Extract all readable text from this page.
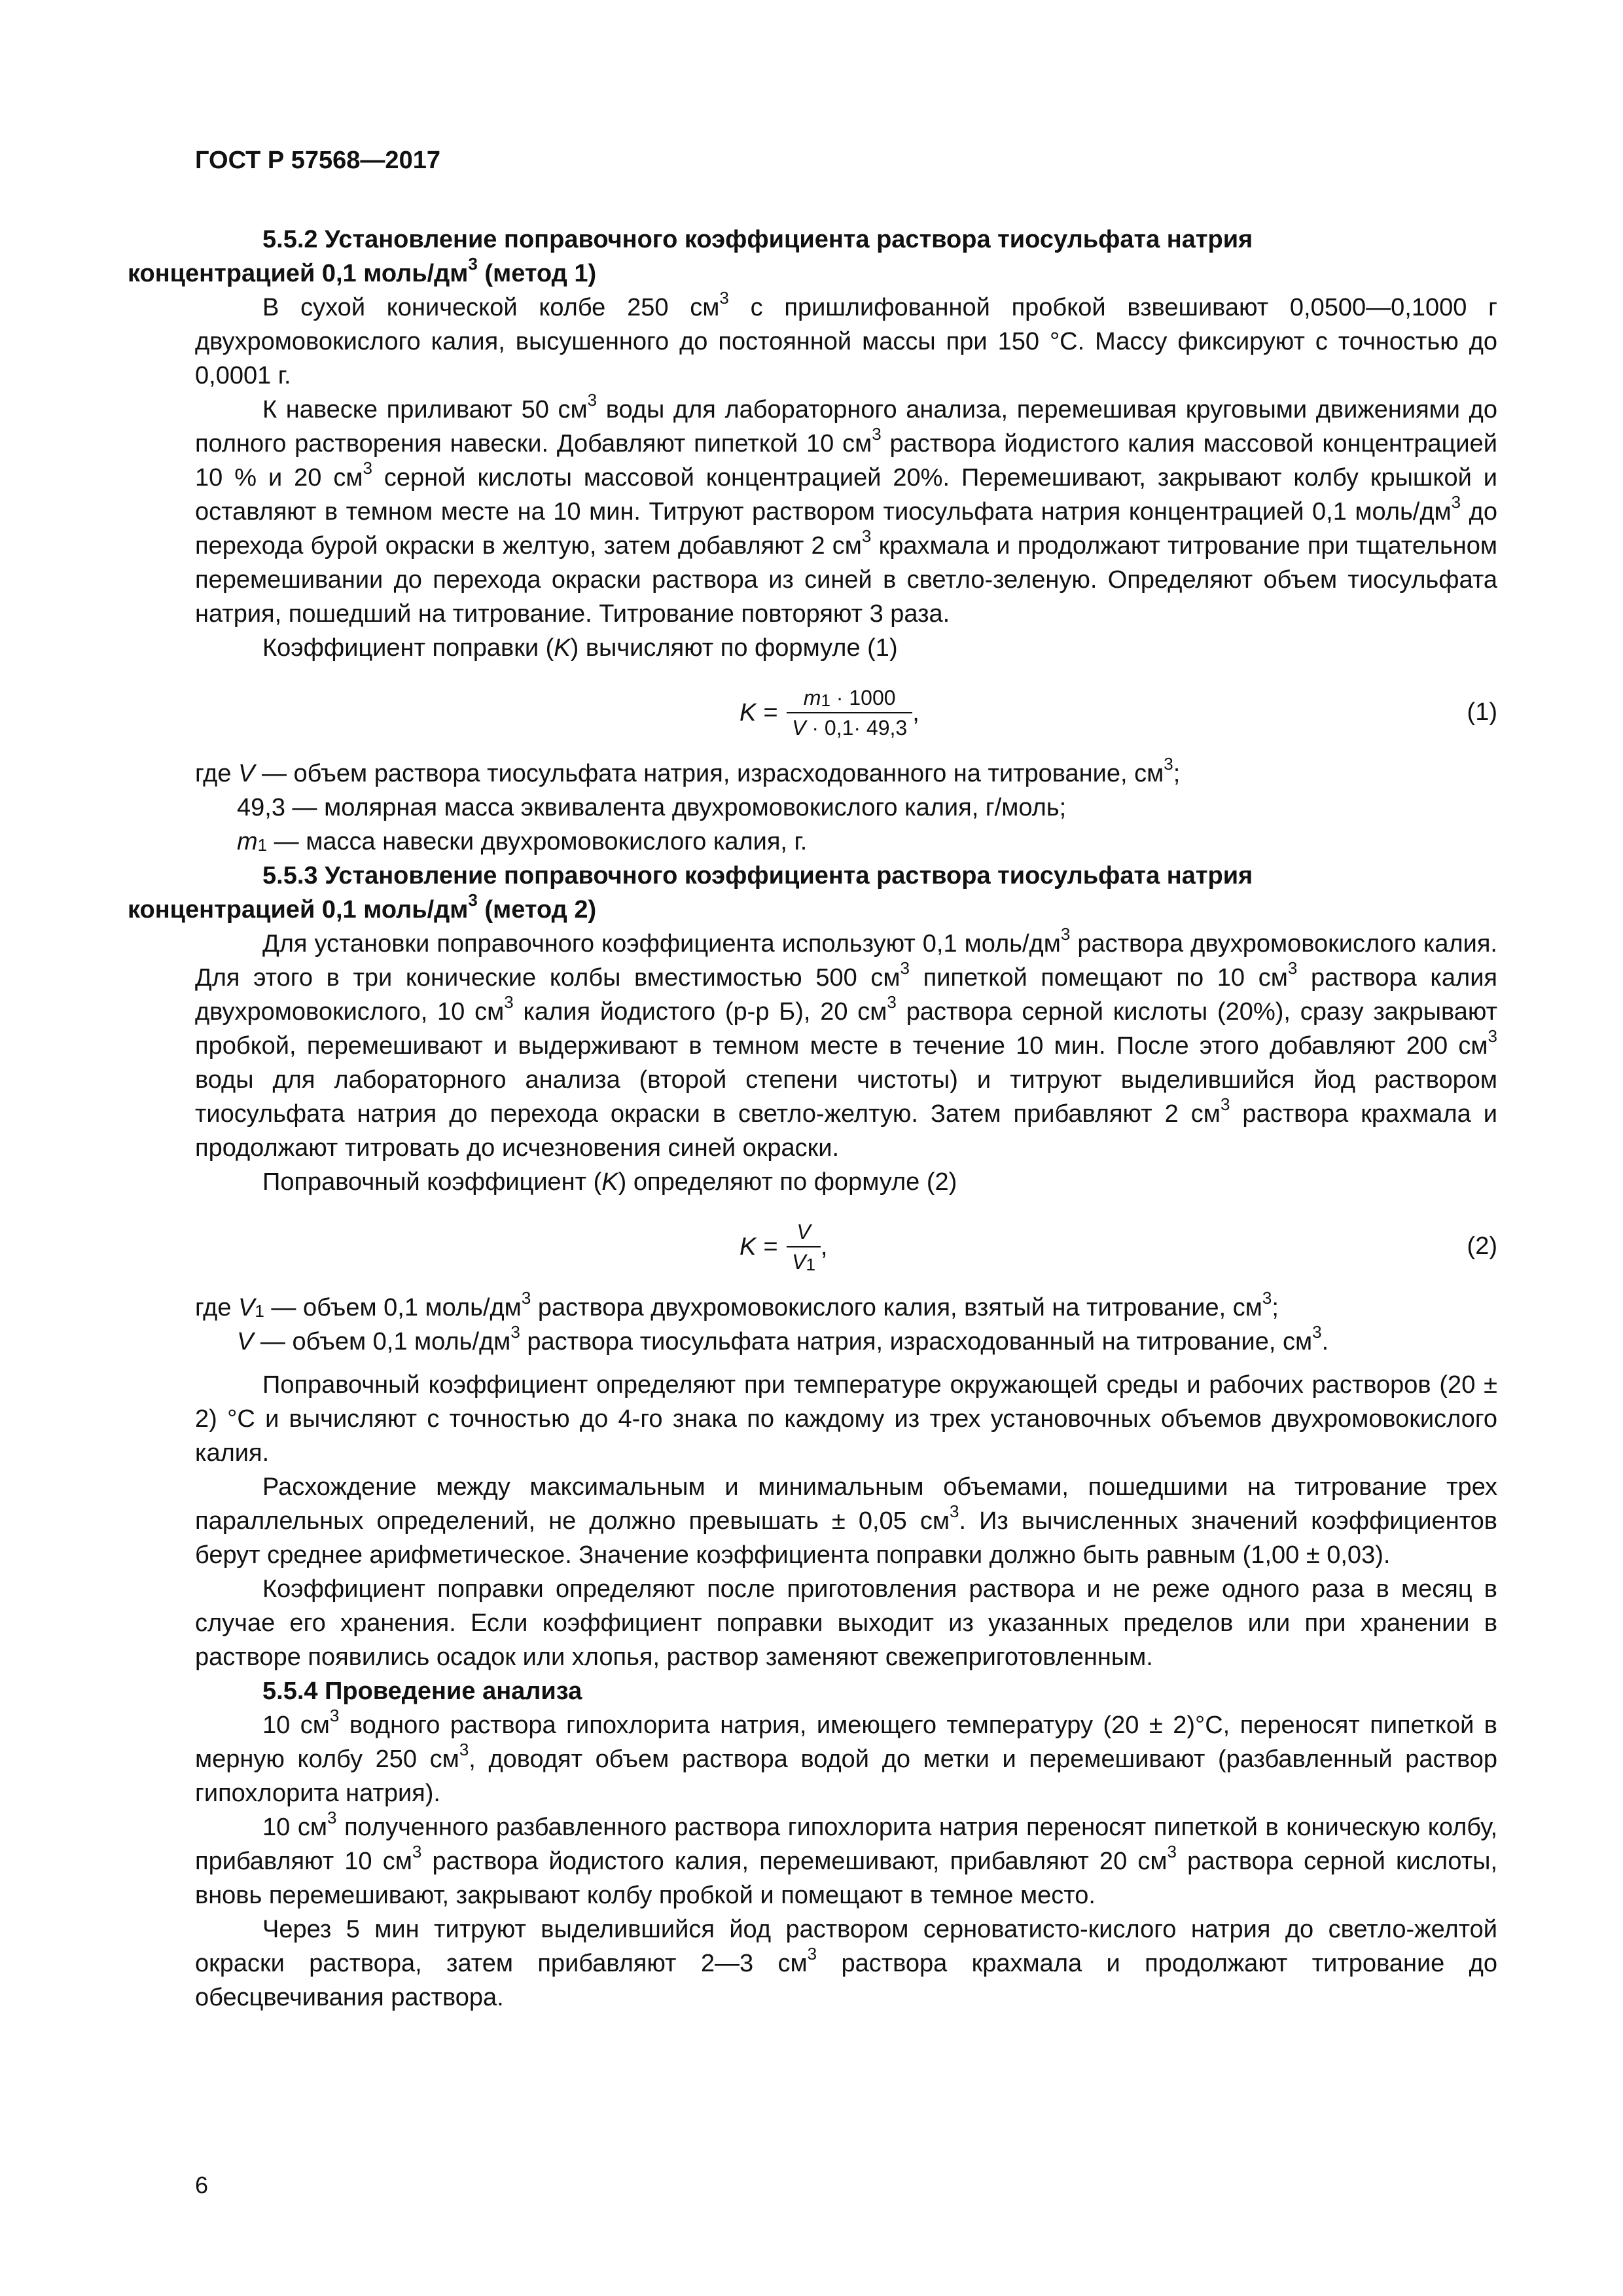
ГОСТ Р 57568—2017

5.5.2 Установление поправочного коэффициента раствора тиосульфата натрия
концентрацией 0,1 моль/$дм^3$ (метод 1)

В сухой конической колбе 250 $см^3$ с пришлифованной пробкой взвешивают 0,0500—0,1000 г двухромовокислого калия, высушенного до постоянной массы при 150 °С. Массу фиксируют с точностью до 0,0001 г.

К навеске приливают 50 $см^3$ воды для лабораторного анализа, перемешивая круговыми движениями до полного растворения навески. Добавляют пипеткой 10 $см^3$ раствора йодистого калия массовой концентрацией 10 % и 20 $см^3$ серной кислоты массовой концентрацией 20%. Перемешивают, закрывают колбу крышкой и оставляют в темном месте на 10 мин. Титруют раствором тиосульфата натрия концентрацией 0,1 моль/$дм^3$ до перехода бурой окраски в желтую, затем добавляют 2 $см^3$ крахмала и продолжают титрование при тщательном перемешивании до перехода окраски раствора из синей в светло-зеленую. Определяют объем тиосульфата натрия, пошедший на титрование. Титрование повторяют 3 раза.

Коэффициент поправки (K) вычисляют по формуле (1)

$K = \frac{m_1 \cdot 1000}{V \cdot 0,1\cdot 49,3}$ ,	(1)

где V — объем раствора тиосульфата натрия, израсходованного на титрование, $см^3$;

49,3 — молярная масса эквивалента двухромовокислого калия, г/моль;

$m_1$ — масса навески двухромовокислого калия, г.

5.5.3 Установление поправочного коэффициента раствора тиосульфата натрия
концентрацией 0,1 моль/$дм^3$ (метод 2)

Для установки поправочного коэффициента используют 0,1 моль/$дм^3$ раствора двухромовокислого калия. Для этого в три конические колбы вместимостью 500 $см^3$ пипеткой помещают по 10 $см^3$ раствора калия двухромовокислого, 10 $см^3$ калия йодистого (р-р Б), 20 $см^3$ раствора серной кислоты (20%), сразу закрывают пробкой, перемешивают и выдерживают в темном месте в течение 10 мин. После этого добавляют 200 $см^3$ воды для лабораторного анализа (второй степени чистоты) и титруют выделившийся йод раствором тиосульфата натрия до перехода окраски в светло-желтую. Затем прибавляют 2 $см^3$ раствора крахмала и продолжают титровать до исчезновения синей окраски.

Поправочный коэффициент (K) определяют по формуле (2)

$K = \frac{V}{V_1}$ ,	(2)

где $V_1$ — объем 0,1 моль/$дм^3$ раствора двухромовокислого калия, взятый на титрование, $см^3$;

V — объем 0,1 моль/$дм^3$ раствора тиосульфата натрия, израсходованный на титрование, $см^3$.

Поправочный коэффициент определяют при температуре окружающей среды и рабочих растворов (20 ± 2) °С и вычисляют с точностью до 4-го знака по каждому из трех установочных объемов двухромовокислого калия.

Расхождение между максимальным и минимальным объемами, пошедшими на титрование трех параллельных определений, не должно превышать ± 0,05 $см^3$. Из вычисленных значений коэффициентов берут среднее арифметическое. Значение коэффициента поправки должно быть равным (1,00 ± 0,03).

Коэффициент поправки определяют после приготовления раствора и не реже одного раза в месяц в случае его хранения. Если коэффициент поправки выходит из указанных пределов или при хранении в растворе появились осадок или хлопья, раствор заменяют свежеприготовленным.

5.5.4 Проведение анализа

10 $см^3$ водного раствора гипохлорита натрия, имеющего температуру (20 ± 2)°С, переносят пипеткой в мерную колбу 250 $см^3$, доводят объем раствора водой до метки и перемешивают (разбавленный раствор гипохлорита натрия).

10 $см^3$ полученного разбавленного раствора гипохлорита натрия переносят пипеткой в коническую колбу, прибавляют 10 $см^3$ раствора йодистого калия, перемешивают, прибавляют 20 $см^3$ раствора серной кислоты, вновь перемешивают, закрывают колбу пробкой и помещают в темное место.

Через 5 мин титруют выделившийся йод раствором серноватисто-кислого натрия до светло-желтой окраски раствора, затем прибавляют 2—3 $см^3$ раствора крахмала и продолжают титрование до обесцвечивания раствора.

6
